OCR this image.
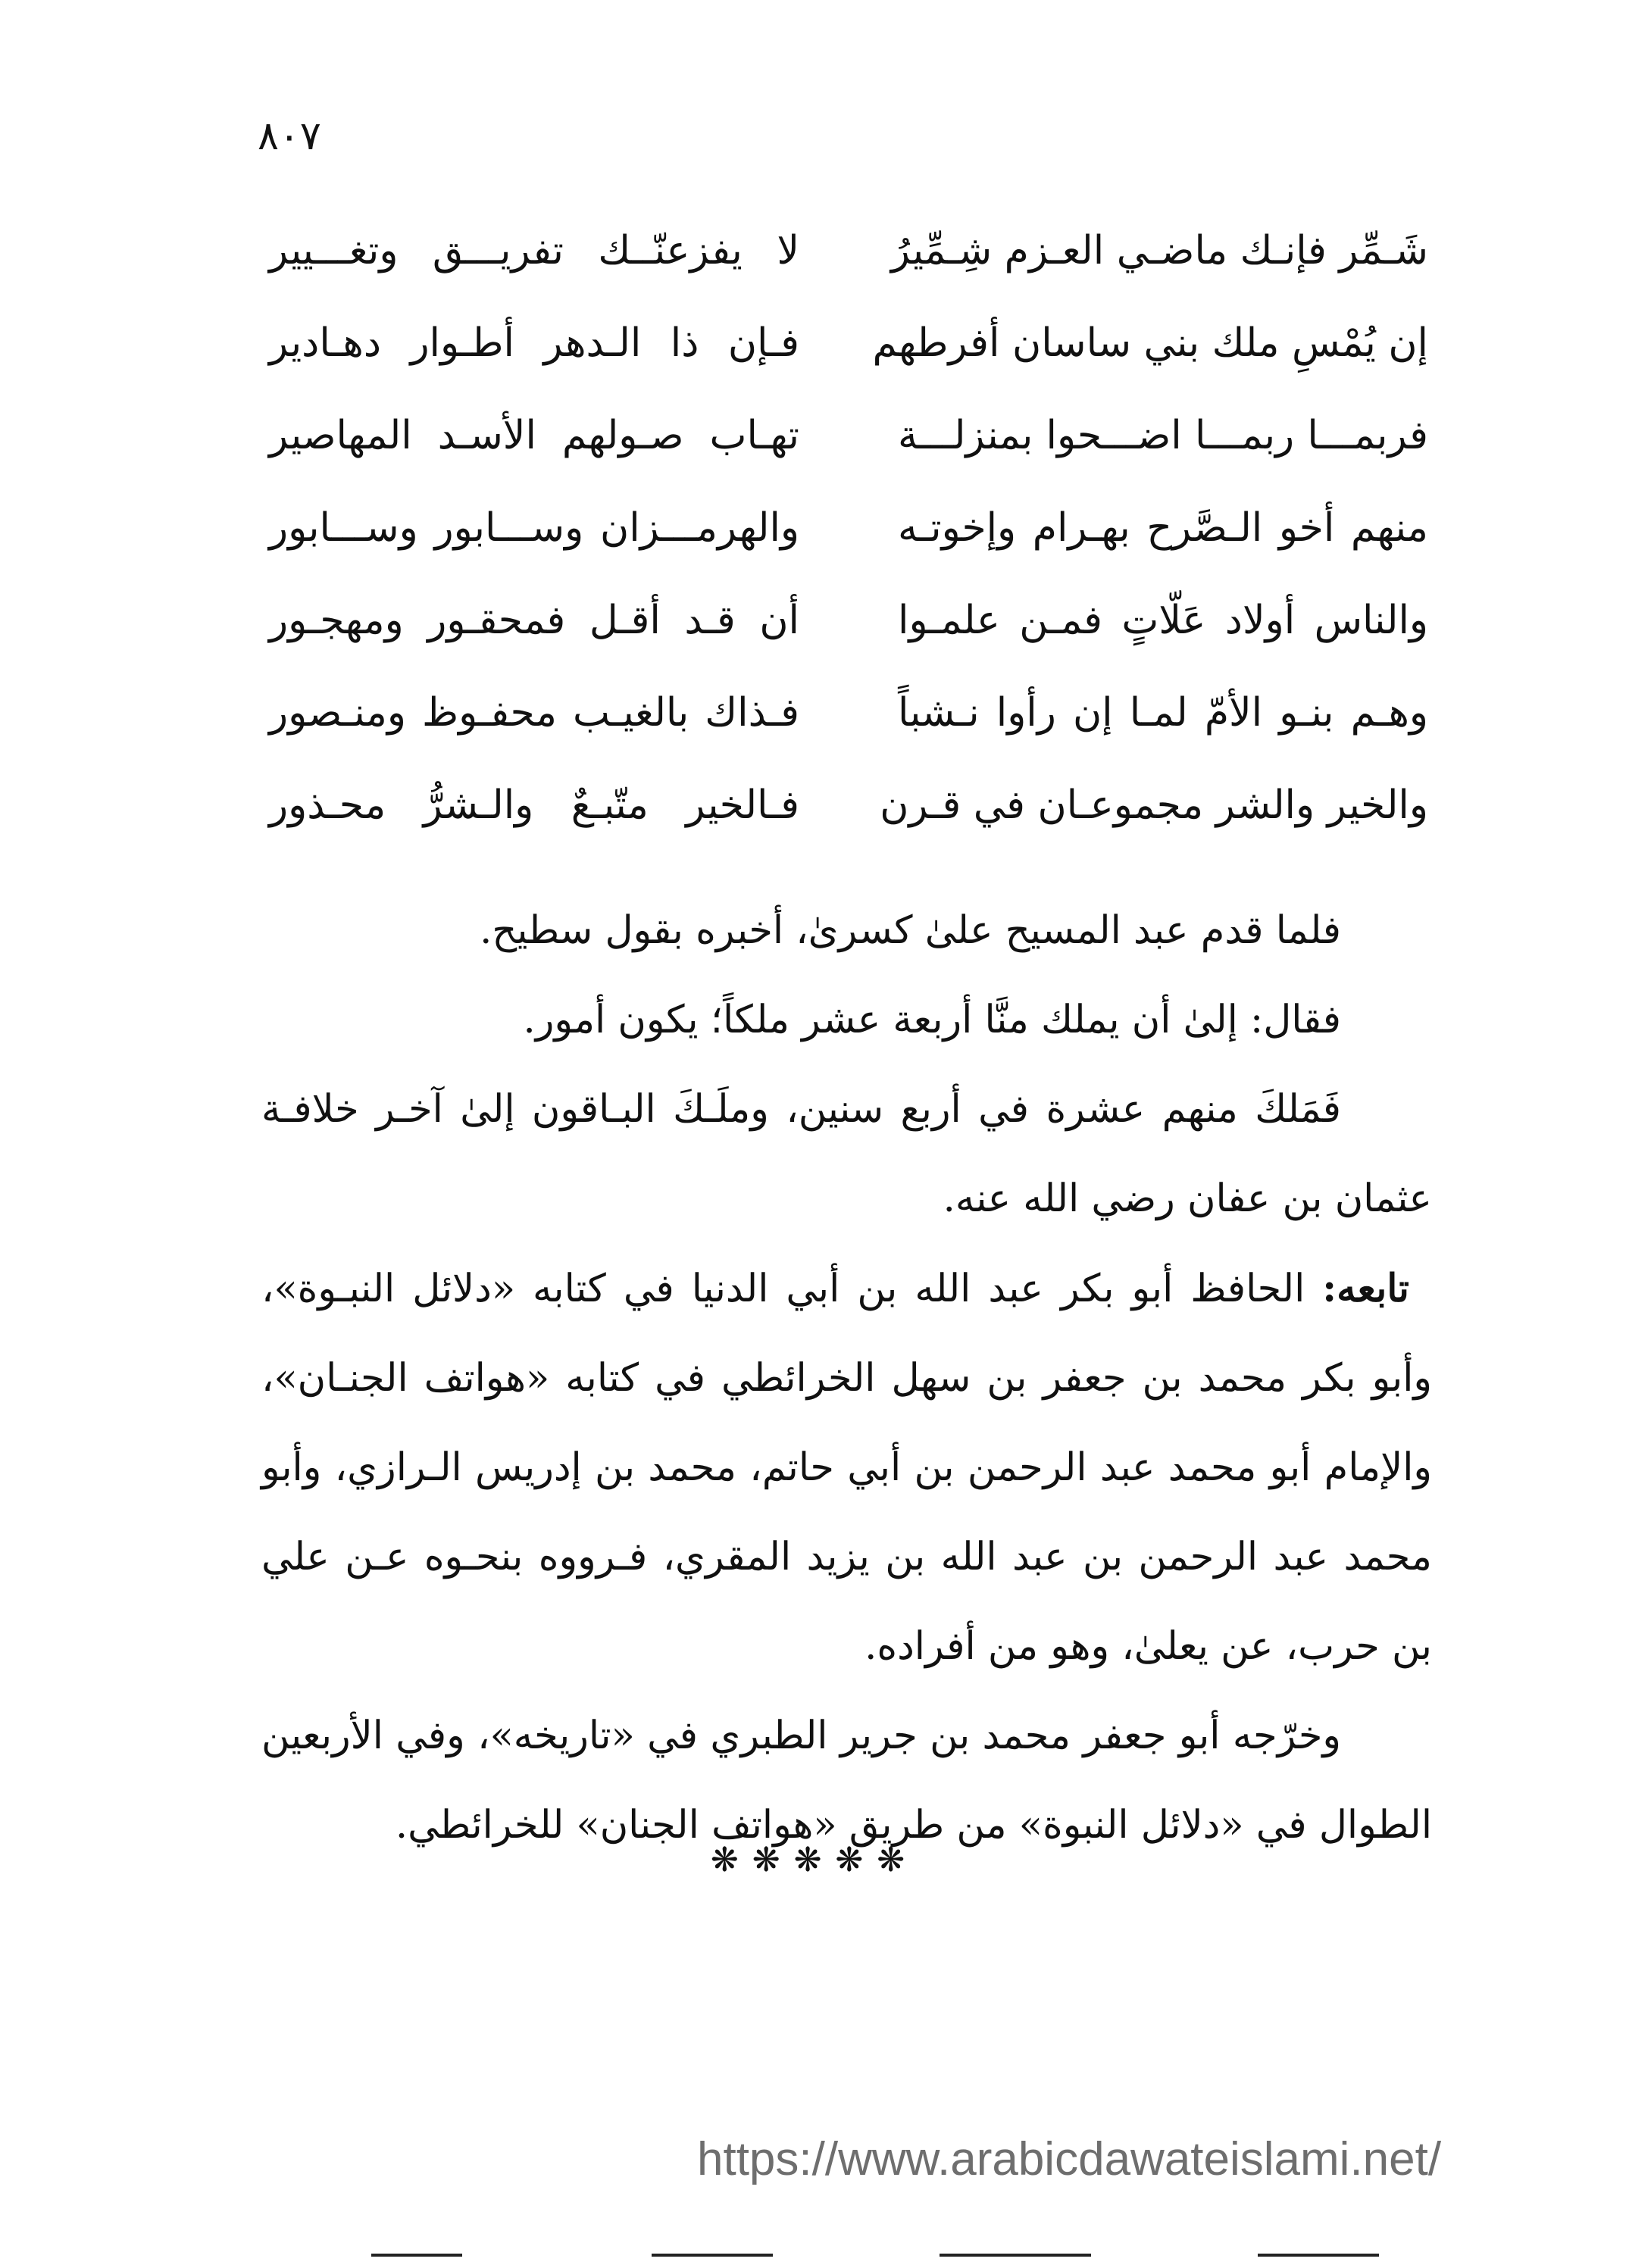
٨٠٧
شَـمِّر فإنـك ماضـي العـزم شِـمِّيرُ
لا يفزعنّــك تفريـــق وتغـــيير
إن يُمْسِ ملك بني ساسان أفرطهم
فـإن ذا الـدهر أطـوار دهـادير
فربمـــا ربمـــا اضـــحوا بمنزلـــة
تهـاب صـولهم الأسـد المهاصير
منهم أخو الـصَّرح بهـرام وإخوتـه
والهرمـــزان وســـابور وســـابور
والناس أولاد عَلّاتٍ فمـن علمـوا
أن قـد أقـل فمحقـور ومهجـور
وهـم بنـو الأمّ لمـا إن رأوا نـشباً
فـذاك بالغيـب محفـوظ ومنـصور
والخير والشر مجموعـان في قـرن
فـالخير متّبـعٌ والـشرُّ محـذور

فلما قدم عبد المسيح علىٰ كسرىٰ، أخبره بقول سطيح.

فقال: إلىٰ أن يملك منَّا أربعة عشر ملكاً؛ يكون أمور.

فَمَلكَ منهم عشرة في أربع سنين، وملَـكَ البـاقون إلىٰ آخـر خلافـة عثمان بن عفان رضي الله عنه.

تابعه: الحافظ أبو بكر عبد الله بن أبي الدنيا في كتابه «دلائل النبـوة»، وأبو بكر محمد بن جعفر بن سهل الخرائطي في كتابه «هواتف الجنـان»، والإمام أبو محمد عبد الرحمن بن أبي حاتم، محمد بن إدريس الـرازي، وأبو محمد عبد الرحمن بن عبد الله بن يزيد المقري، فـرووه بنحـوه عـن علي بن حرب، عن يعلىٰ، وهو من أفراده.

وخرّجه أبو جعفر محمد بن جرير الطبري في «تاريخه»، وفي الأربعين الطوال في «دلائل النبوة» من طريق «هواتف الجنان» للخرائطي.

❋❋❋❋❋
https://www.arabicdawateislami.net/
